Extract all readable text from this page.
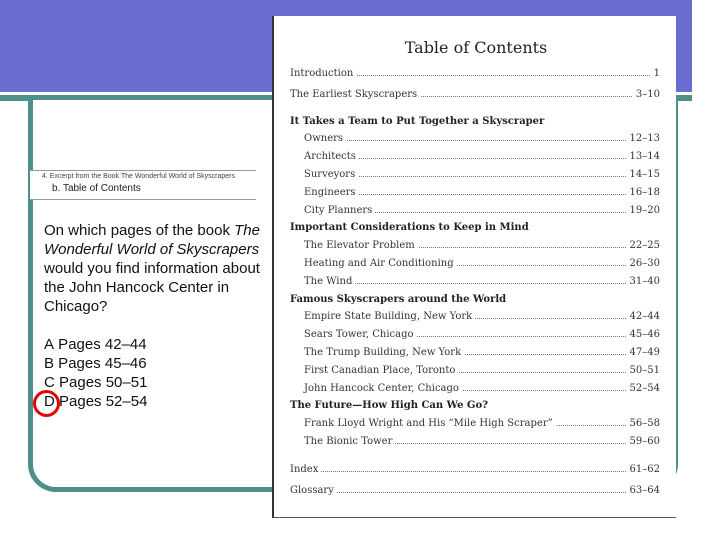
4. Excerpt from the Book The Wonderful World of Skyscrapers
b. Table of Contents
On which pages of the book The Wonderful World of Skyscrapers would you find information about the John Hancock Center in Chicago?
A Pages 42–44
B Pages 45–46
C Pages 50–51
D Pages 52–54
Table of Contents
Introduction	1
The Earliest Skyscrapers	3–10
It Takes a Team to Put Together a Skyscraper
Owners	12–13
Architects	13–14
Surveyors	14–15
Engineers	16–18
City Planners	19–20
Important Considerations to Keep in Mind
The Elevator Problem	22–25
Heating and Air Conditioning	26–30
The Wind	31–40
Famous Skyscrapers around the World
Empire State Building, New York	42–44
Sears Tower, Chicago	45–46
The Trump Building, New York	47–49
First Canadian Place, Toronto	50–51
John Hancock Center, Chicago	52–54
The Future—How High Can We Go?
Frank Lloyd Wright and His “Mile High Scraper”	56–58
The Bionic Tower	59–60
Index	61–62
Glossary	63–64
